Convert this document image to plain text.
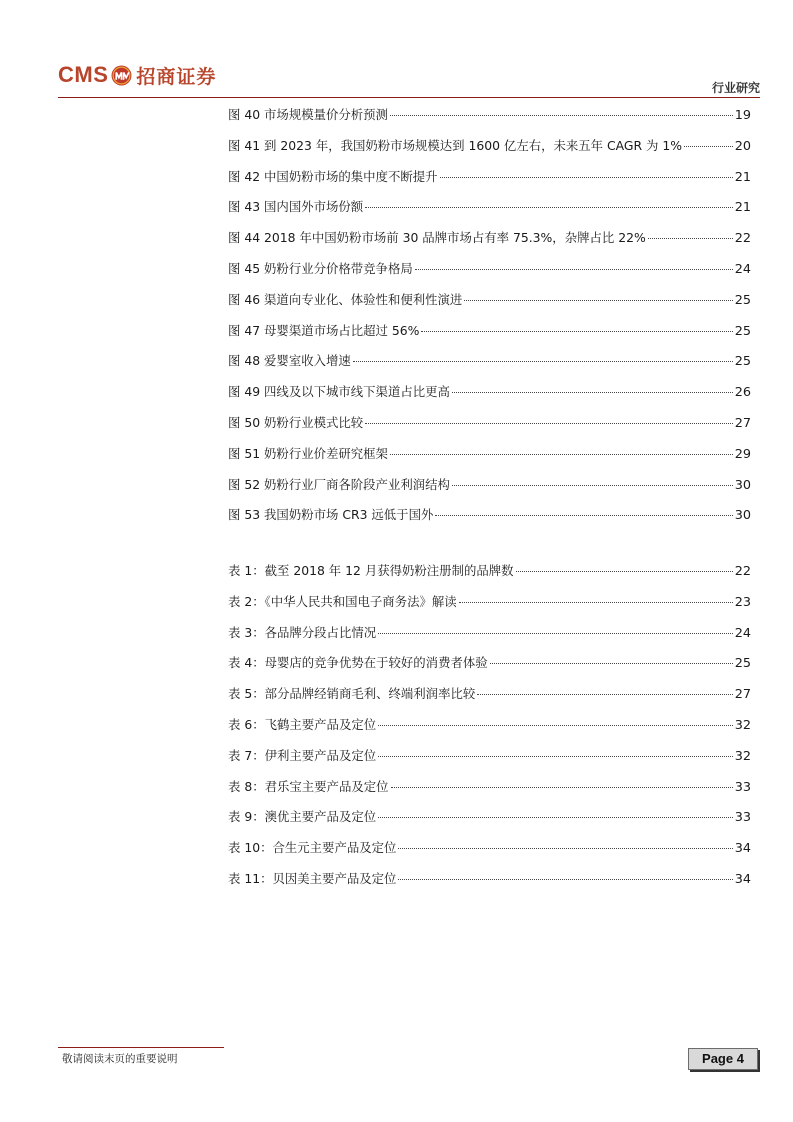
CMS 招商证券
行业研究
图 40 市场规模量价分析预测	19
图 41 到 2023 年，我国奶粉市场规模达到 1600 亿左右，未来五年 CAGR 为 1%	20
图 42 中国奶粉市场的集中度不断提升	21
图 43 国内国外市场份额	21
图 44 2018 年中国奶粉市场前 30 品牌市场占有率 75.3%，杂牌占比 22%	22
图 45 奶粉行业分价格带竞争格局	24
图 46 渠道向专业化、体验性和便利性演进	25
图 47 母婴渠道市场占比超过 56%	25
图 48 爱婴室收入增速	25
图 49 四线及以下城市线下渠道占比更高	26
图 50 奶粉行业模式比较	27
图 51 奶粉行业价差研究框架	29
图 52 奶粉行业厂商各阶段产业利润结构	30
图 53 我国奶粉市场 CR3 远低于国外	30
表 1：截至 2018 年 12 月获得奶粉注册制的品牌数	22
表 2：《中华人民共和国电子商务法》解读	23
表 3：各品牌分段占比情况	24
表 4：母婴店的竞争优势在于较好的消费者体验	25
表 5：部分品牌经销商毛利、终端利润率比较	27
表 6：飞鹤主要产品及定位	32
表 7：伊利主要产品及定位	32
表 8：君乐宝主要产品及定位	33
表 9：澳优主要产品及定位	33
表 10：合生元主要产品及定位	34
表 11：贝因美主要产品及定位	34
敬请阅读末页的重要说明	Page 4
